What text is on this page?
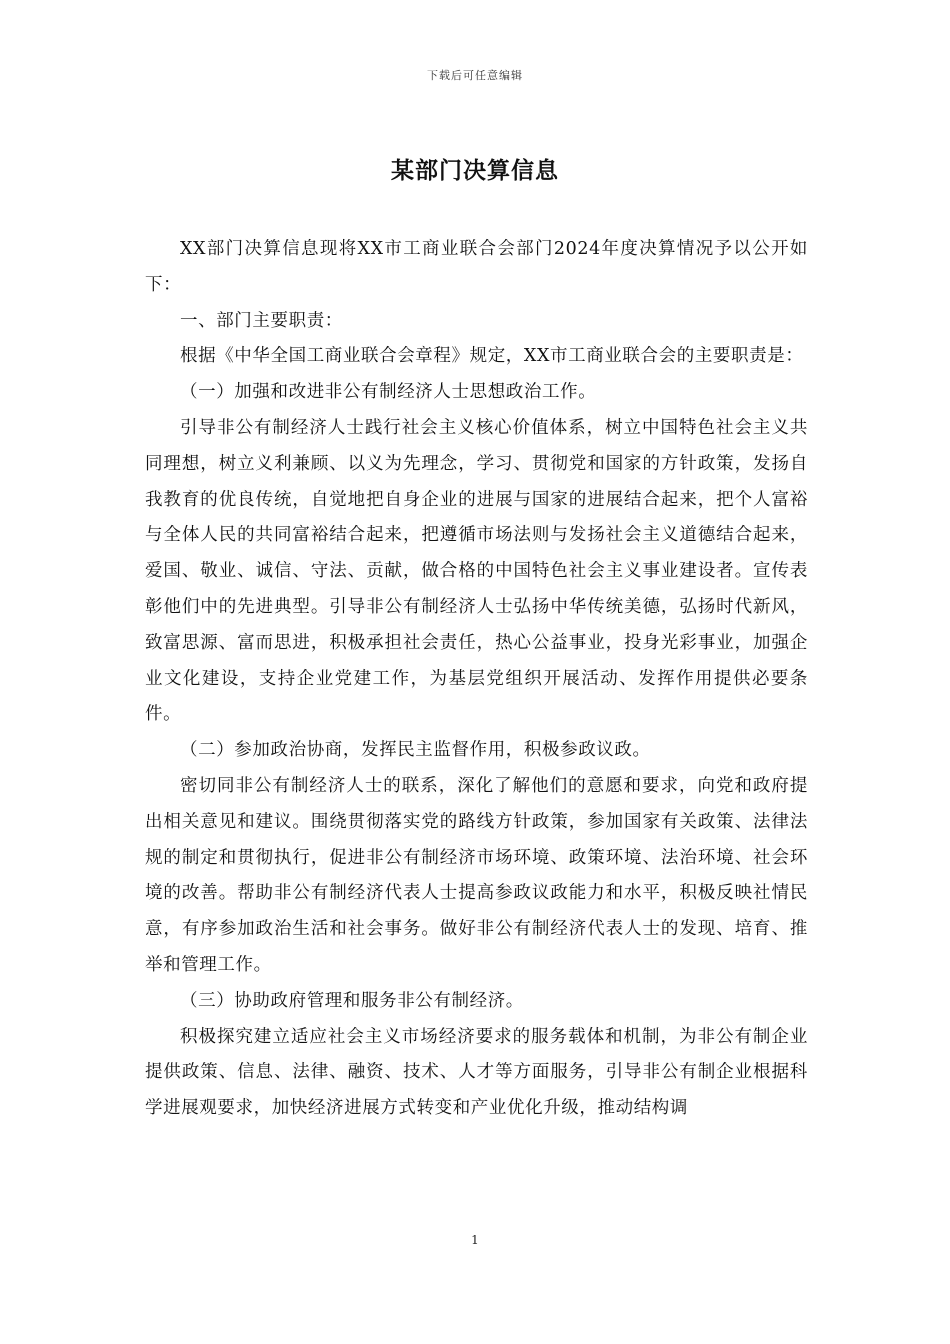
下载后可任意编辑
某部门决算信息

XX部门决算信息现将XX市工商业联合会部门2024年度决算情况予以公开如下：

一、部门主要职责：

根据《中华全国工商业联合会章程》规定，XX市工商业联合会的主要职责是：

（一）加强和改进非公有制经济人士思想政治工作。

引导非公有制经济人士践行社会主义核心价值体系，树立中国特色社会主义共同理想，树立义利兼顾、以义为先理念，学习、贯彻党和国家的方针政策，发扬自我教育的优良传统，自觉地把自身企业的进展与国家的进展结合起来，把个人富裕与全体人民的共同富裕结合起来，把遵循市场法则与发扬社会主义道德结合起来，爱国、敬业、诚信、守法、贡献，做合格的中国特色社会主义事业建设者。宣传表彰他们中的先进典型。引导非公有制经济人士弘扬中华传统美德，弘扬时代新风，致富思源、富而思进，积极承担社会责任，热心公益事业，投身光彩事业，加强企业文化建设，支持企业党建工作，为基层党组织开展活动、发挥作用提供必要条件。

（二）参加政治协商，发挥民主监督作用，积极参政议政。

密切同非公有制经济人士的联系，深化了解他们的意愿和要求，向党和政府提出相关意见和建议。围绕贯彻落实党的路线方针政策，参加国家有关政策、法律法规的制定和贯彻执行，促进非公有制经济市场环境、政策环境、法治环境、社会环境的改善。帮助非公有制经济代表人士提高参政议政能力和水平，积极反映社情民意，有序参加政治生活和社会事务。做好非公有制经济代表人士的发现、培育、推举和管理工作。

（三）协助政府管理和服务非公有制经济。

积极探究建立适应社会主义市场经济要求的服务载体和机制，为非公有制企业提供政策、信息、法律、融资、技术、人才等方面服务，引导非公有制企业根据科学进展观要求，加快经济进展方式转变和产业优化升级，推动结构调

1
